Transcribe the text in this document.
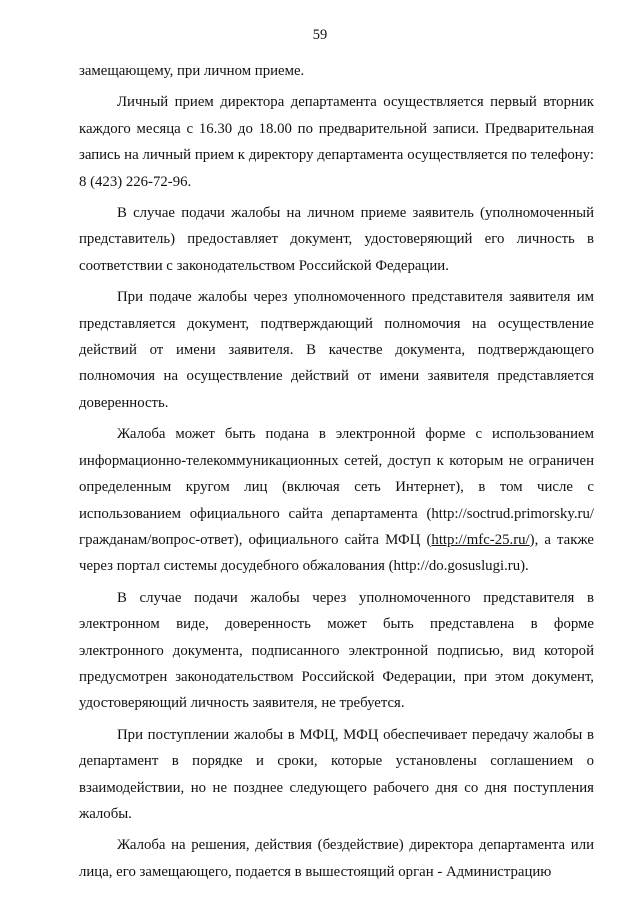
59

замещающему, при личном приеме.

Личный прием директора департамента осуществляется первый вторник каждого месяца с 16.30 до 18.00 по предварительной записи. Предварительная запись на личный прием к директору департамента осуществляется по телефону: 8 (423) 226-72-96.

В случае подачи жалобы на личном приеме заявитель (уполномоченный представитель) предоставляет документ, удостоверяющий его личность в соответствии с законодательством Российской Федерации.

При подаче жалобы через уполномоченного представителя заявителя им представляется документ, подтверждающий полномочия на осуществление действий от имени заявителя. В качестве документа, подтверждающего полномочия на осуществление действий от имени заявителя представляется доверенность.

Жалоба может быть подана в электронной форме с использованием информационно-телекоммуникационных сетей, доступ к которым не ограничен определенным кругом лиц (включая сеть Интернет), в том числе с использованием официального сайта департамента (http://soctrud.primorsky.ru/гражданам/вопрос-ответ), официального сайта МФЦ (http://mfc-25.ru/), а также через портал системы досудебного обжалования (http://do.gosuslugi.ru).

В случае подачи жалобы через уполномоченного представителя в электронном виде, доверенность может быть представлена в форме электронного документа, подписанного электронной подписью, вид которой предусмотрен законодательством Российской Федерации, при этом документ, удостоверяющий личность заявителя, не требуется.

При поступлении жалобы в МФЦ, МФЦ обеспечивает передачу жалобы в департамент в порядке и сроки, которые установлены соглашением о взаимодействии, но не позднее следующего рабочего дня со дня поступления жалобы.

Жалоба на решения, действия (бездействие) директора департамента или лица, его замещающего, подается в вышестоящий орган - Администрацию
